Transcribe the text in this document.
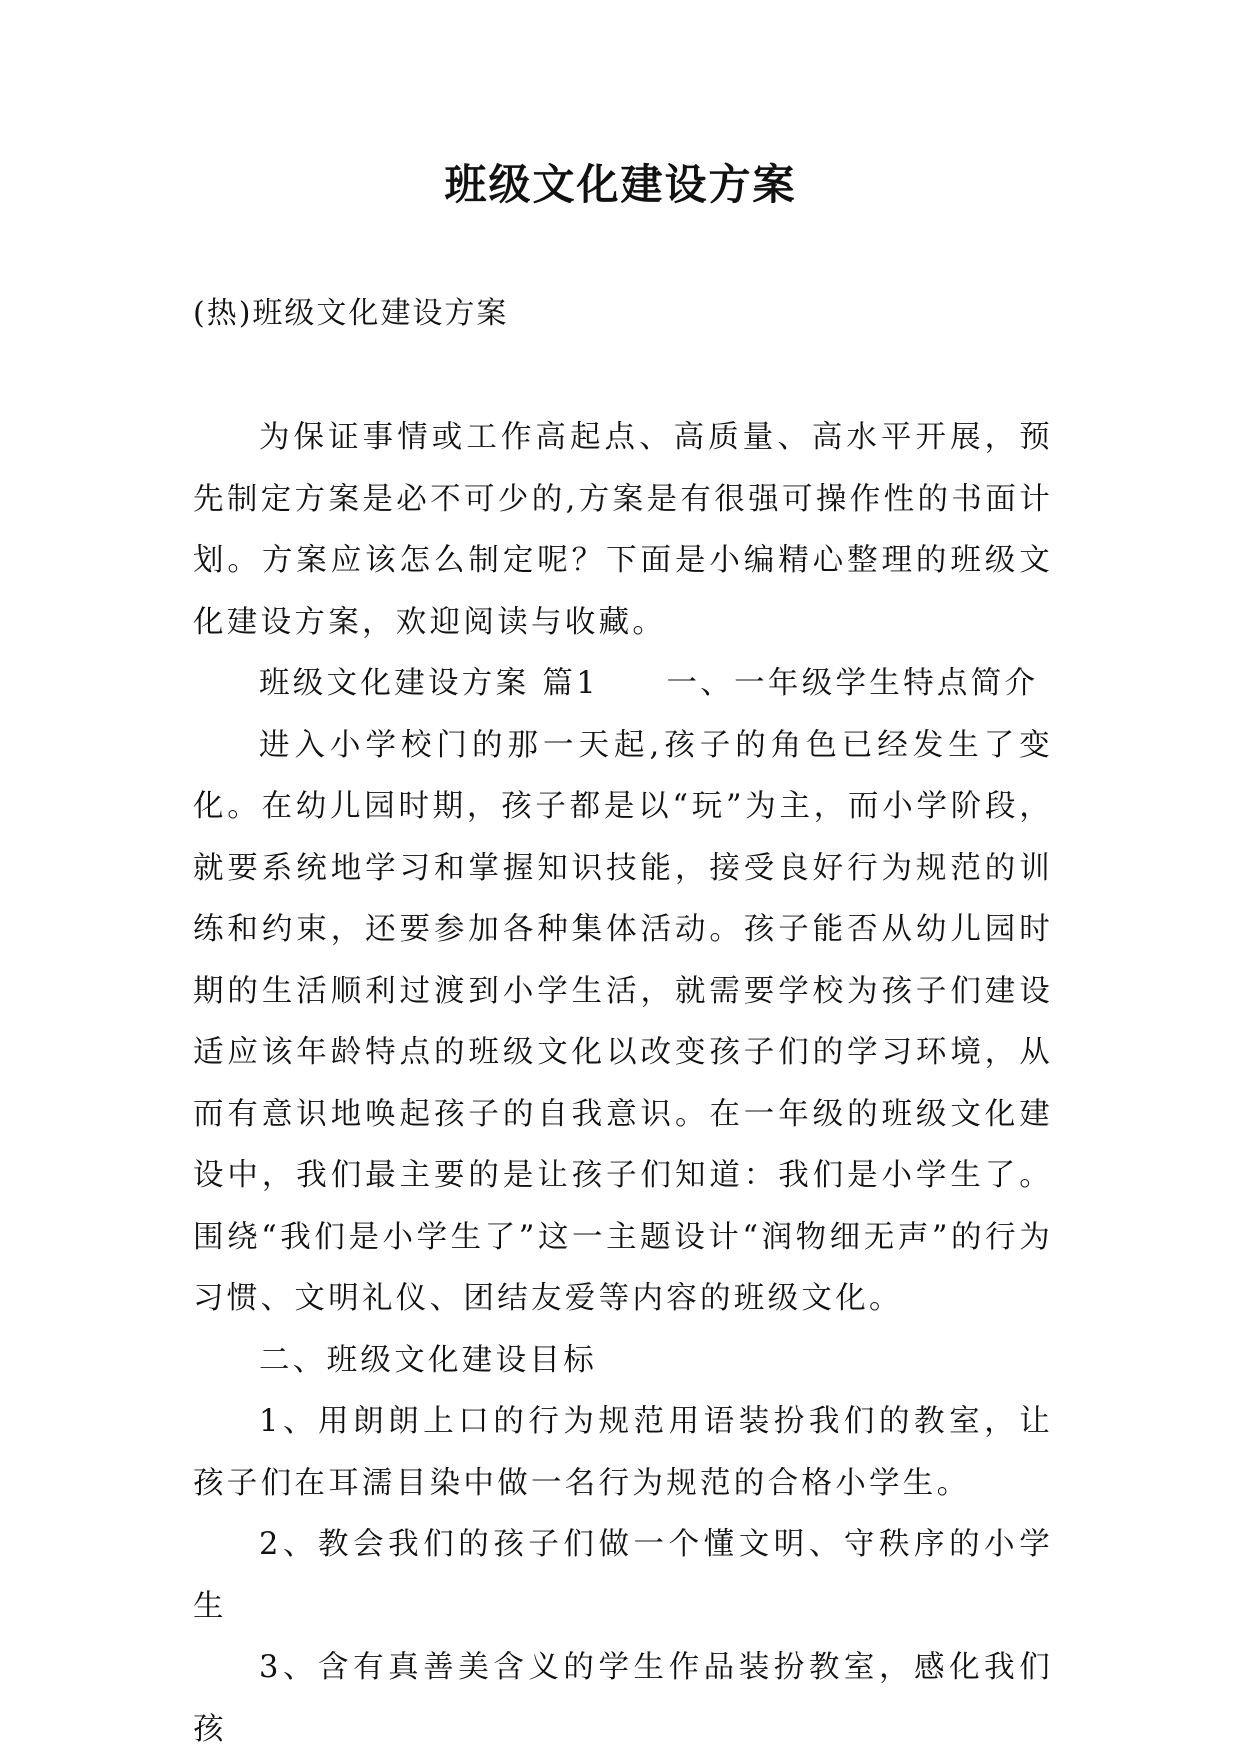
班级文化建设方案
(热)班级文化建设方案

为保证事情或工作高起点、高质量、高水平开展，预先制定方案是必不可少的,方案是有很强可操作性的书面计划。方案应该怎么制定呢？下面是小编精心整理的班级文化建设方案，欢迎阅读与收藏。

班级文化建设方案 篇1　　一、一年级学生特点简介

进入小学校门的那一天起,孩子的角色已经发生了变化。在幼儿园时期，孩子都是以“玩”为主，而小学阶段，就要系统地学习和掌握知识技能，接受良好行为规范的训练和约束，还要参加各种集体活动。孩子能否从幼儿园时期的生活顺利过渡到小学生活，就需要学校为孩子们建设适应该年龄特点的班级文化以改变孩子们的学习环境，从而有意识地唤起孩子的自我意识。在一年级的班级文化建设中，我们最主要的是让孩子们知道：我们是小学生了。围绕“我们是小学生了”这一主题设计“润物细无声”的行为习惯、文明礼仪、团结友爱等内容的班级文化。

二、班级文化建设目标

1、用朗朗上口的行为规范用语装扮我们的教室，让孩子们在耳濡目染中做一名行为规范的合格小学生。

2、教会我们的孩子们做一个懂文明、守秩序的小学生

3、含有真善美含义的学生作品装扮教室，感化我们孩
